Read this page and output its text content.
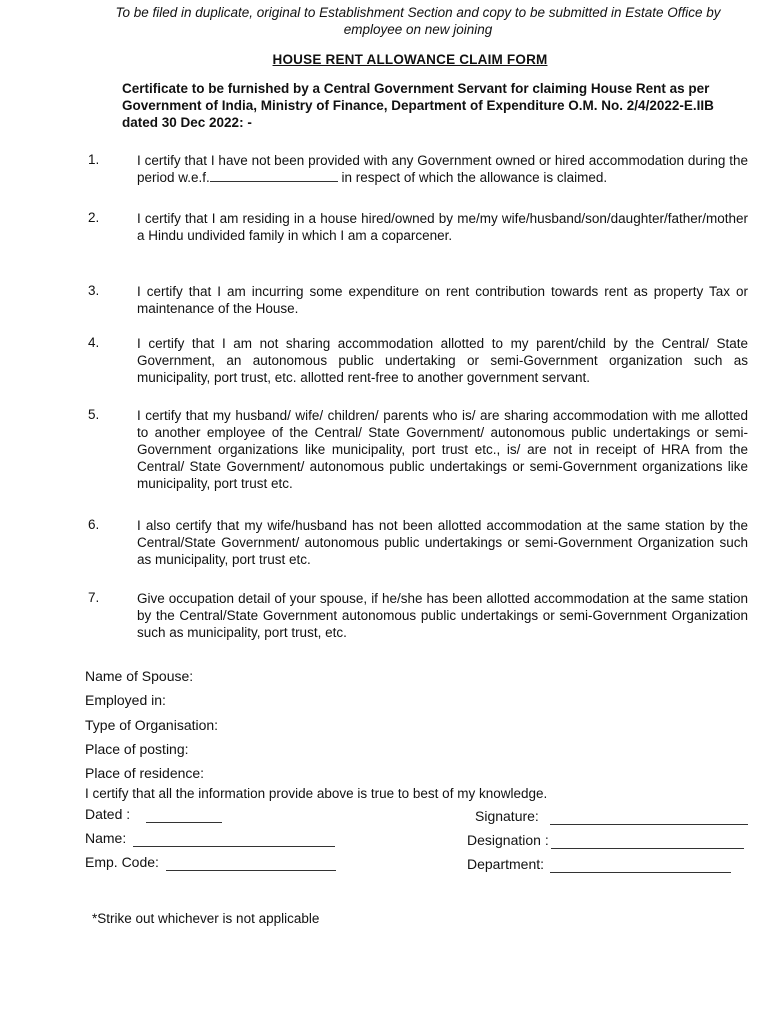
To be filed in duplicate, original to Establishment Section and copy to be submitted in Estate Office by employee on new joining
HOUSE RENT ALLOWANCE CLAIM FORM
Certificate to be furnished by a Central Government Servant for claiming House Rent as per Government of India, Ministry of Finance, Department of Expenditure O.M. No. 2/4/2022-E.IIB dated 30 Dec 2022: -
1.	I certify that I have not been provided with any Government owned or hired accommodation during the period w.e.f.	in respect of which the allowance is claimed.
2.	I certify that I am residing in a house hired/owned by me/my wife/husband/son/daughter/father/mother a Hindu undivided family in which I am a coparcener.
3.	I certify that I am incurring some expenditure on rent contribution towards rent as property Tax or maintenance of the House.
4.	I certify that I am not sharing accommodation allotted to my parent/child by the Central/ State Government, an autonomous public undertaking or semi-Government organization such as municipality, port trust, etc. allotted rent-free to another government servant.
5.	I certify that my husband/ wife/ children/ parents who is/ are sharing accommodation with me allotted to another employee of the Central/ State Government/ autonomous public undertakings or semi-Government organizations like municipality, port trust etc., is/ are not in receipt of HRA from the Central/ State Government/ autonomous public undertakings or semi-Government organizations like municipality, port trust etc.
6.	I also certify that my wife/husband has not been allotted accommodation at the same station by the Central/State Government/ autonomous public undertakings or semi-Government Organization such as municipality, port trust etc.
7.	Give occupation detail of your spouse, if he/she has been allotted accommodation at the same station by the Central/State Government autonomous public undertakings or semi-Government Organization such as municipality, port trust, etc.
Name of Spouse:
Employed in:
Type of Organisation:
Place of posting:
Place of residence:
I certify that all the information provide above is true to best of my knowledge.
Dated :
Name:
Emp. Code:
Signature:
Designation :
Department:
*Strike out whichever is not applicable
